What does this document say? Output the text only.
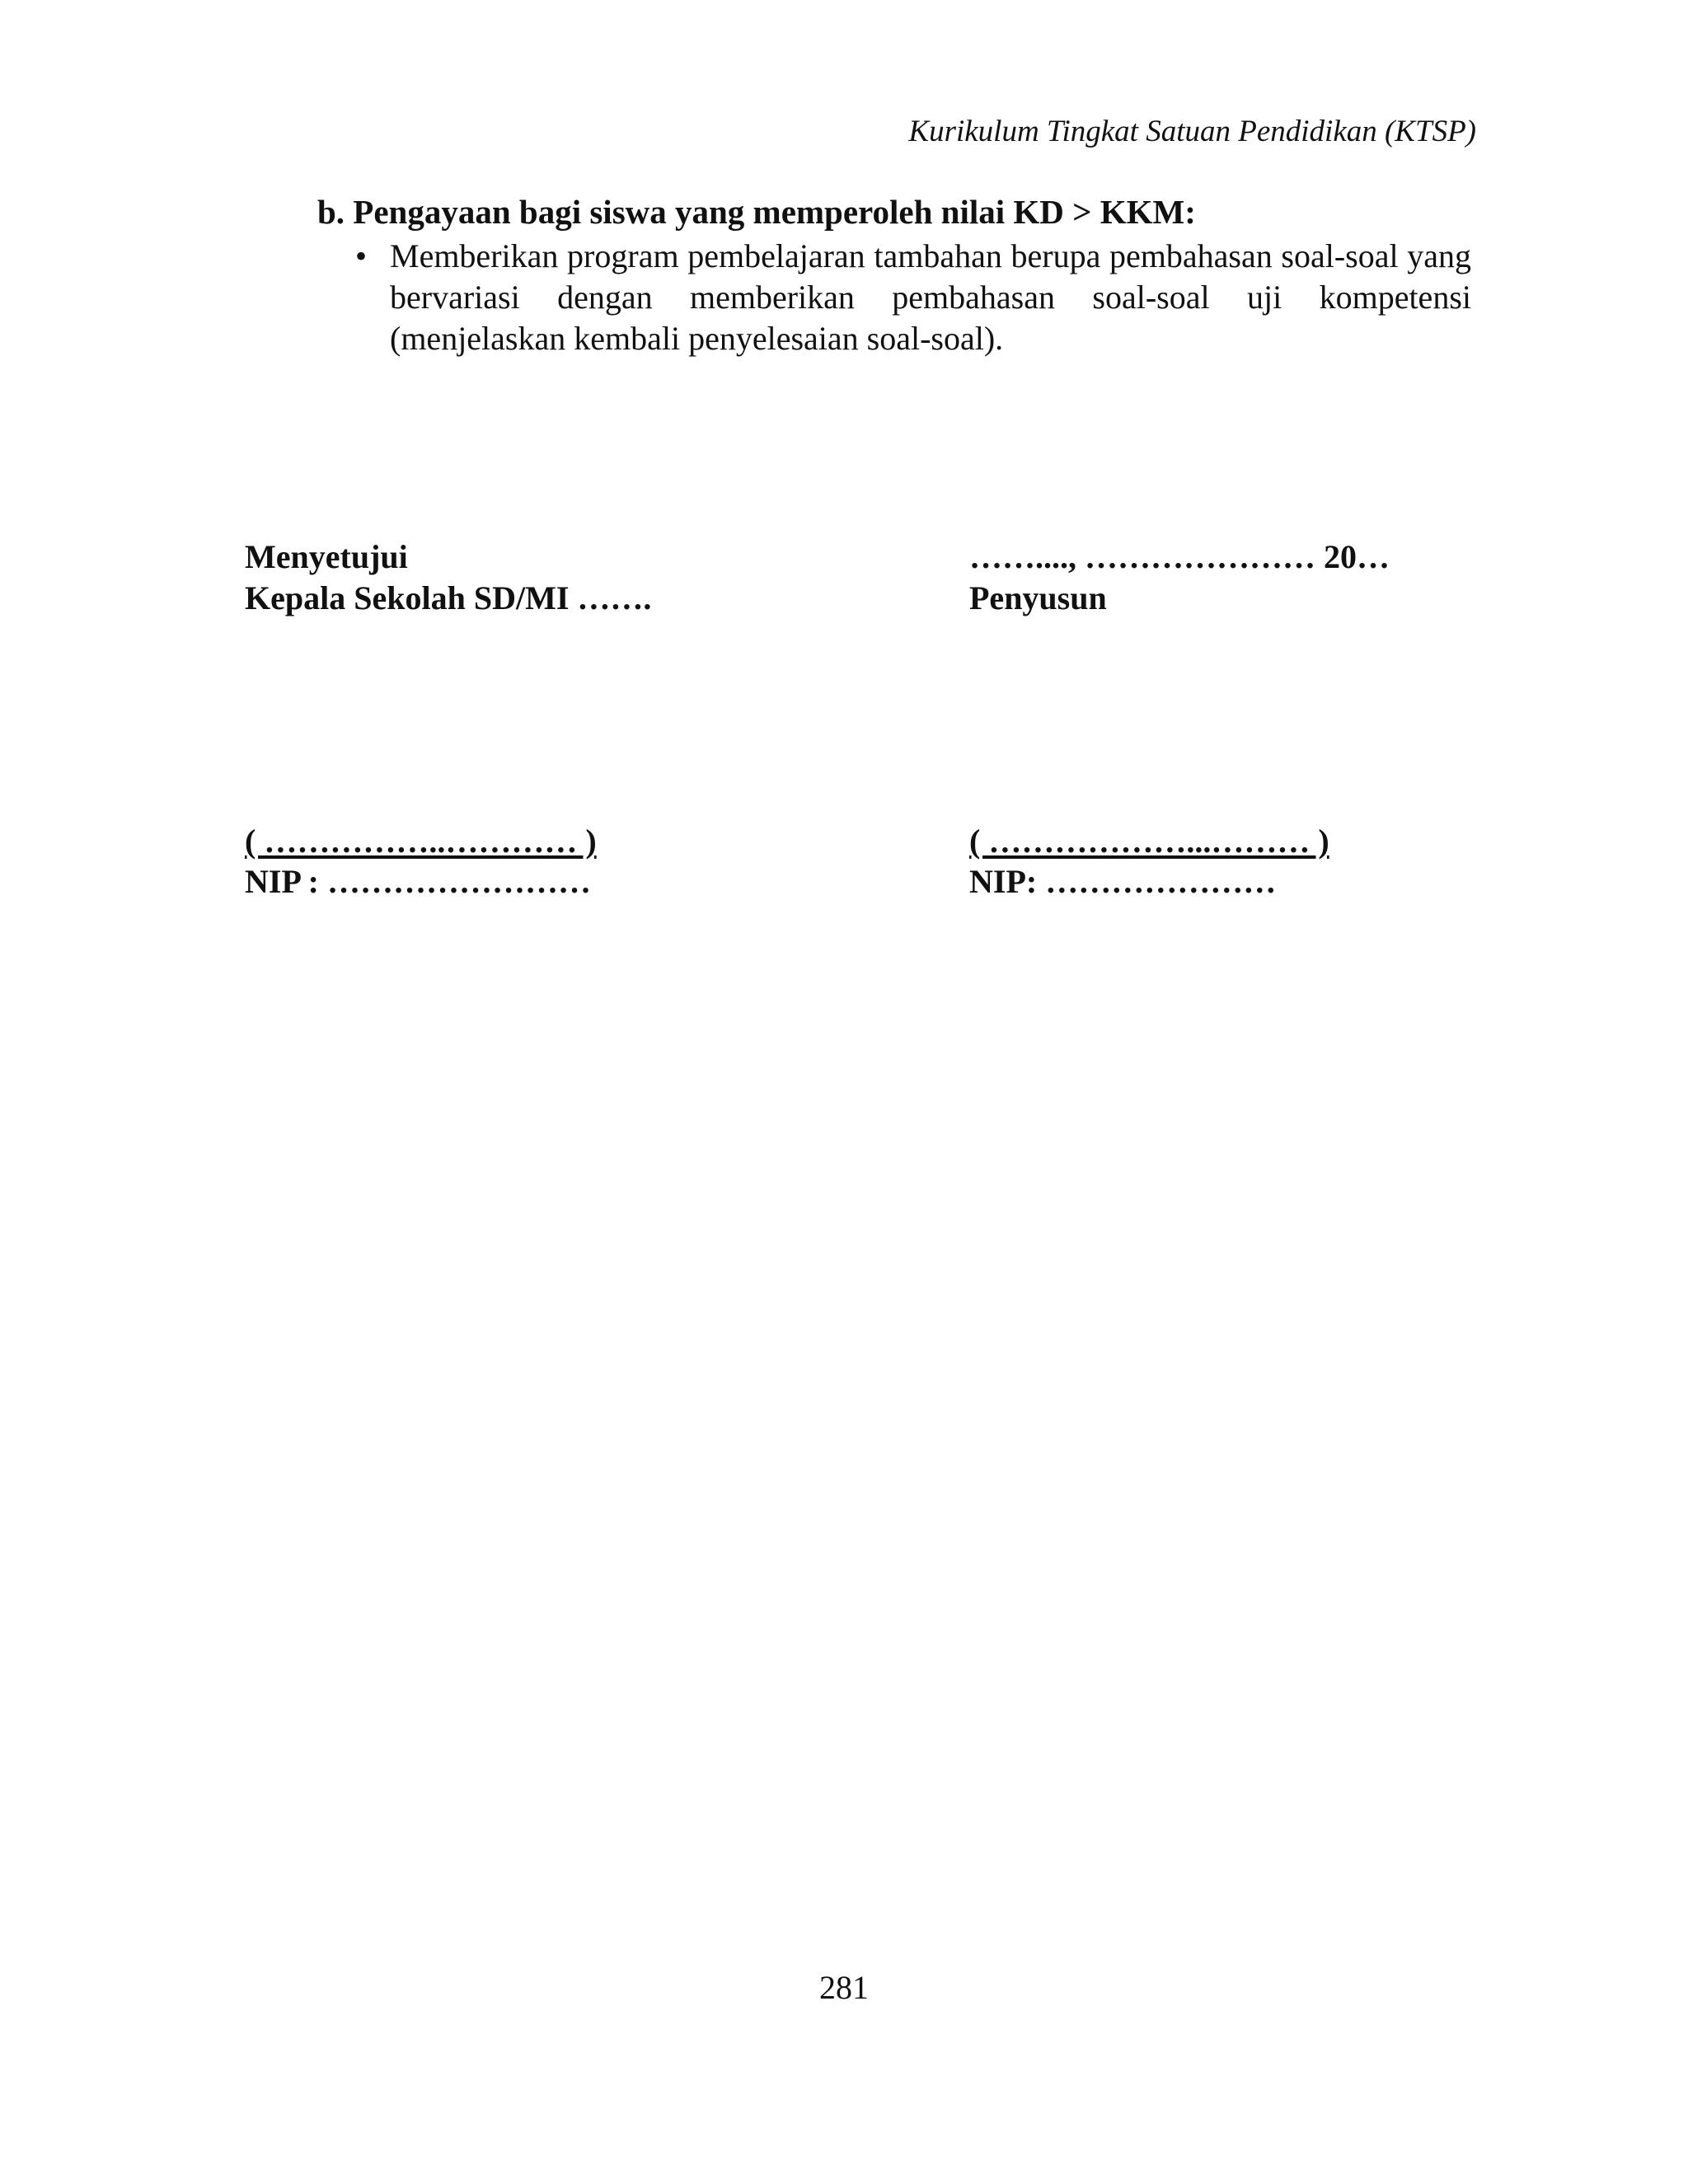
Kurikulum Tingkat Satuan Pendidikan (KTSP)
b. Pengayaan bagi siswa yang memperoleh nilai KD > KKM:
• Memberikan program pembelajaran tambahan berupa pembahasan soal-soal yang bervariasi dengan memberikan pembahasan soal-soal uji kompetensi (menjelaskan kembali penyelesaian soal-soal).
Menyetujui
Kepala Sekolah SD/MI …….
( ……………..………… )
NIP : ……………………
……...., ………………… 20…
Penyusun
( ………………...……… )
NIP: …………………
281
